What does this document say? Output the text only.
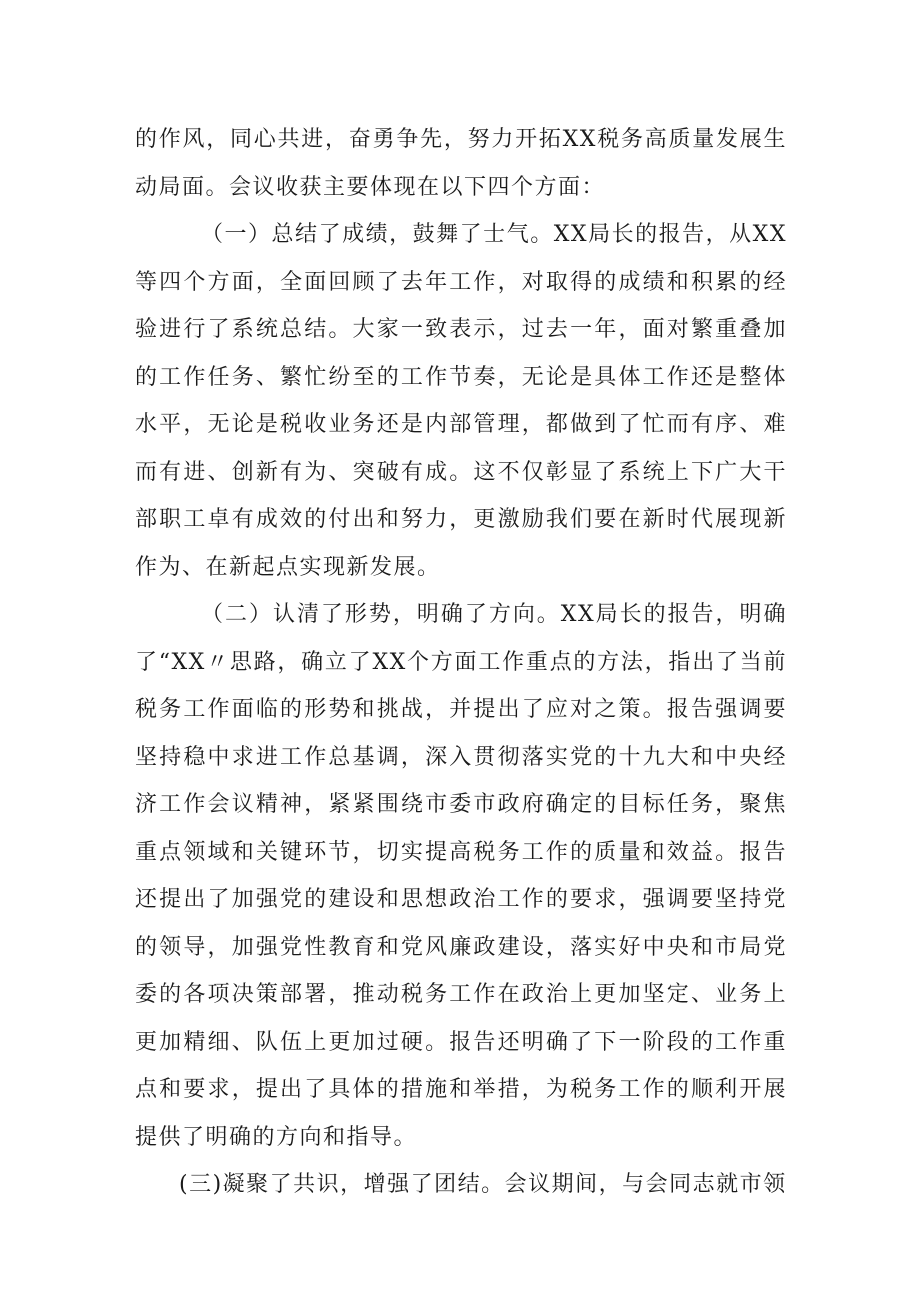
的作风，同心共进，奋勇争先，努力开拓XX税务高质量发展生动局面。会议收获主要体现在以下四个方面：

（一）总结了成绩，鼓舞了士气。XX局长的报告，从XX等四个方面，全面回顾了去年工作，对取得的成绩和积累的经验进行了系统总结。大家一致表示，过去一年，面对繁重叠加的工作任务、繁忙纷至的工作节奏，无论是具体工作还是整体水平，无论是税收业务还是内部管理，都做到了忙而有序、难而有进、创新有为、突破有成。这不仅彰显了系统上下广大干部职工卓有成效的付出和努力，更激励我们要在新时代展现新作为、在新起点实现新发展。

（二）认清了形势，明确了方向。XX局长的报告，明确了“XX〃思路，确立了XX个方面工作重点的方法，指出了当前税务工作面临的形势和挑战，并提出了应对之策。报告强调要坚持稳中求进工作总基调，深入贯彻落实党的十九大和中央经济工作会议精神，紧紧围绕市委市政府确定的目标任务，聚焦重点领域和关键环节，切实提高税务工作的质量和效益。报告还提出了加强党的建设和思想政治工作的要求，强调要坚持党的领导，加强党性教育和党风廉政建设，落实好中央和市局党委的各项决策部署，推动税务工作在政治上更加坚定、业务上更加精细、队伍上更加过硬。报告还明确了下一阶段的工作重点和要求，提出了具体的措施和举措，为税务工作的顺利开展提供了明确的方向和指导。

(三)凝聚了共识，增强了团结。会议期间，与会同志就市领
